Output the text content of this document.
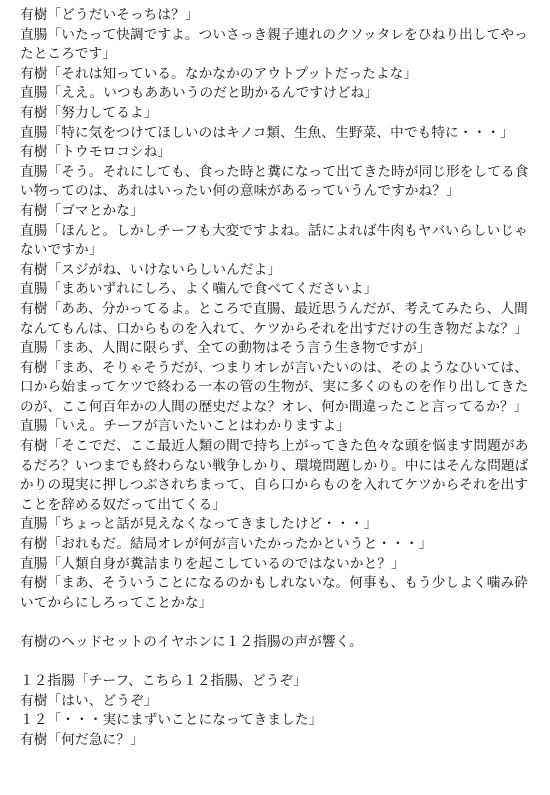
有樹「どうだいそっちは？」
直腸「いたって快調ですよ。ついさっき親子連れのクソッタレをひねり出してやっ
たところです」
有樹「それは知っている。なかなかのアウトプットだったよな」
直腸「ええ。いつもああいうのだと助かるんですけどね」
有樹「努力してるよ」
直腸「特に気をつけてほしいのはキノコ類、生魚、生野菜、中でも特に・・・」
有樹「トウモロコシね」
直腸「そう。それにしても、食った時と糞になって出てきた時が同じ形をしてる食
い物ってのは、あれはいったい何の意味があるっていうんですかね？」
有樹「ゴマとかな」
直腸「ほんと。しかしチーフも大変ですよね。話によれば牛肉もヤバいらしいじゃ
ないですか」
有樹「スジがね、いけないらしいんだよ」
直腸「まあいずれにしろ、よく噛んで食べてくださいよ」
有樹「ああ、分かってるよ。ところで直腸、最近思うんだが、考えてみたら、人間
なんてもんは、口からものを入れて、ケツからそれを出すだけの生き物だよな？」
直腸「まあ、人間に限らず、全ての動物はそう言う生き物ですが」
有樹「まあ、そりゃそうだが、つまりオレが言いたいのは、そのようなひいては、
口から始まってケツで終わる一本の管の生物が、実に多くのものを作り出してきた
のが、ここ何百年かの人間の歴史だよな？オレ、何か間違ったこと言ってるか？」
直腸「いえ。チーフが言いたいことはわかりますよ」
有樹「そこでだ、ここ最近人類の間で持ち上がってきた色々な頭を悩ます問題があ
るだろ？いつまでも終わらない戦争しかり、環境問題しかり。中にはそんな問題ば
かりの現実に押しつぶされちまって、自ら口からものを入れてケツからそれを出す
ことを辞める奴だって出てくる」
直腸「ちょっと話が見えなくなってきましたけど・・・」
有樹「おれもだ。結局オレが何が言いたかったかというと・・・」
直腸「人類自身が糞詰まりを起こしているのではないかと？」
有樹「まあ、そういうことになるのかもしれないな。何事も、もう少しよく噛み砕
いてからにしろってことかな」
有樹のヘッドセットのイヤホンに１２指腸の声が響く。
１２指腸「チーフ、こちら１２指腸、どうぞ」
有樹「はい、どうぞ」
１２「・・・実にまずいことになってきました」
有樹「何だ急に？」
